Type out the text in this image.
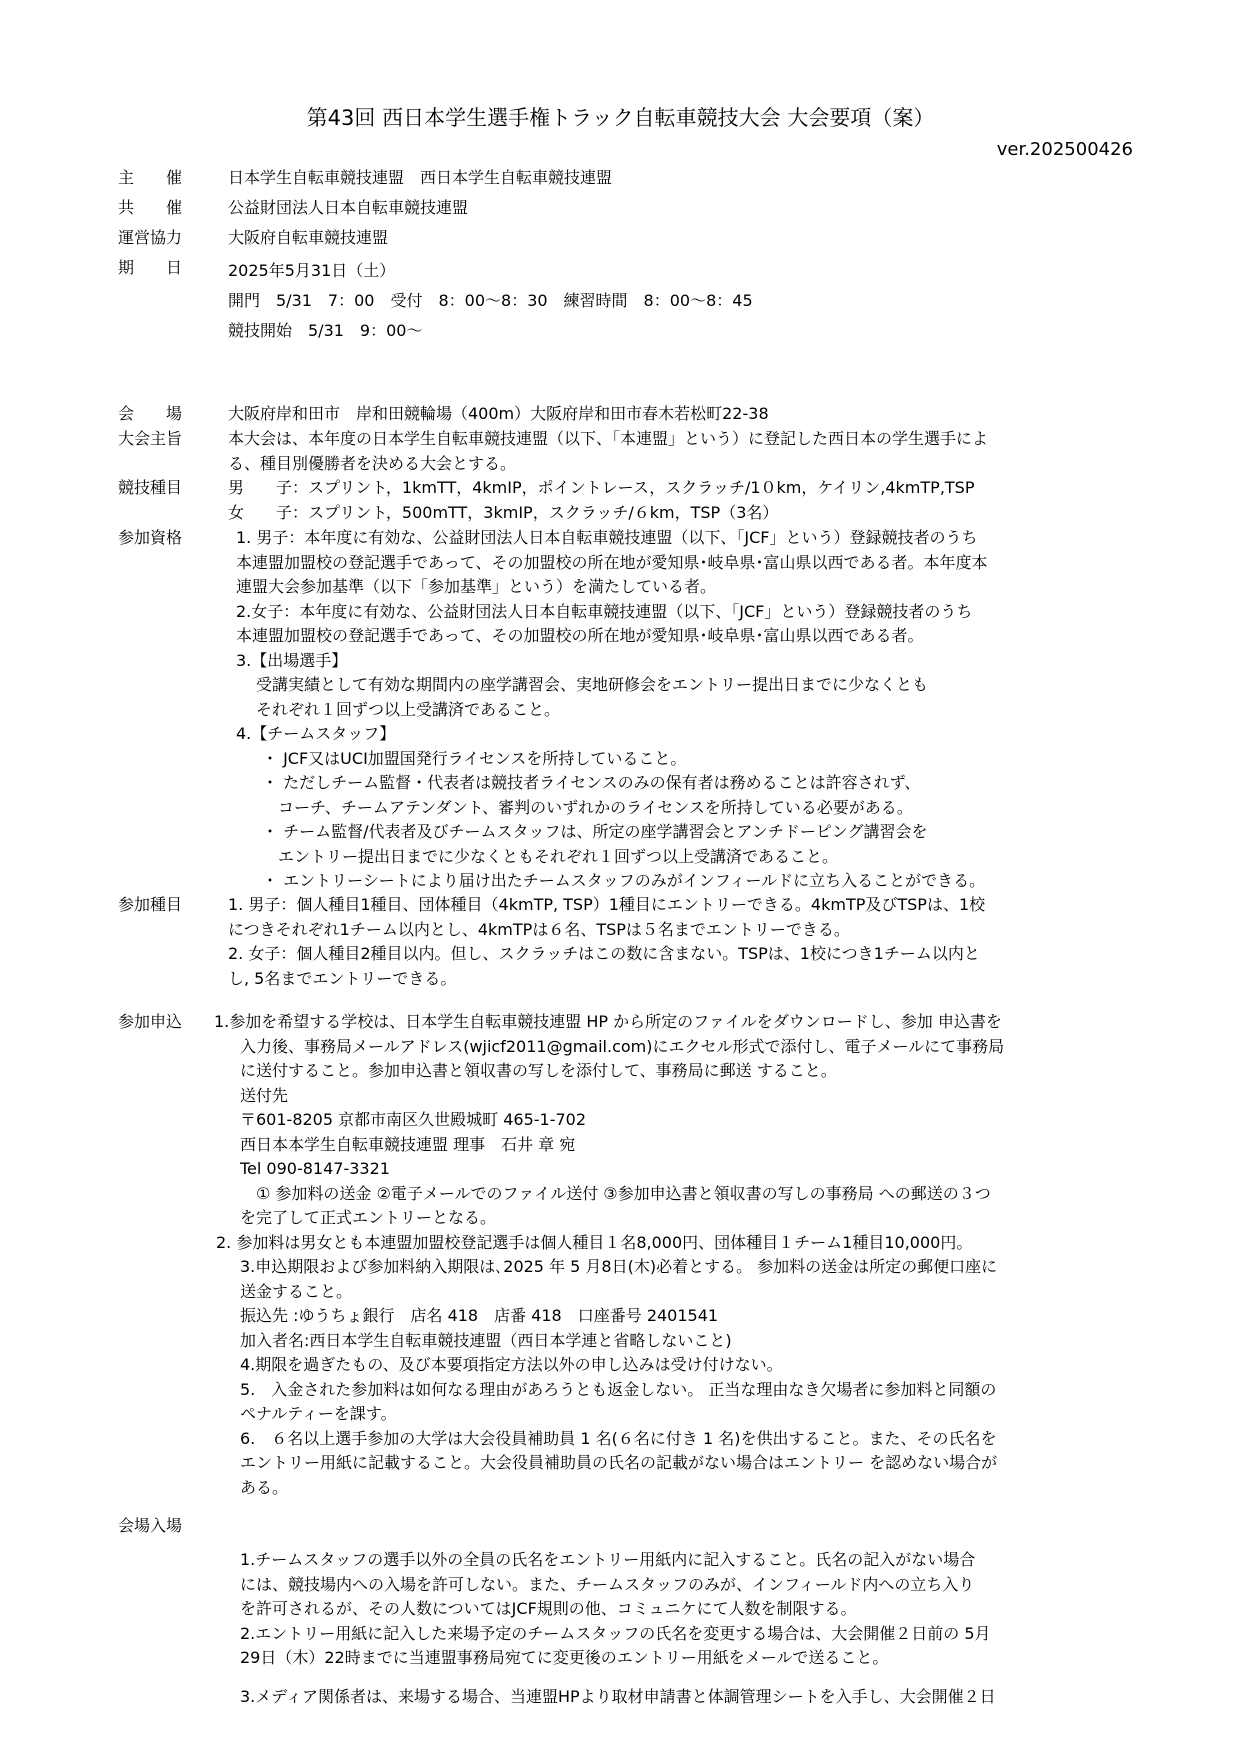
第43回 西日本学生選手権トラック自転車競技大会 大会要項（案）
ver.202500426
主　　催	日本学生自転車競技連盟　西日本学生自転車競技連盟
共　　催	公益財団法人日本自転車競技連盟
運営協力	大阪府自転車競技連盟
期　　日	2025年5月31日（土）
開門　5/31　7：00　受付　8：00～8：30　練習時間　8：00～8：45
競技開始　5/31　9：00～
会　　場	大阪府岸和田市　岸和田競輪場（400m）大阪府岸和田市春木若松町22-38
大会主旨	本大会は、本年度の日本学生自転車競技連盟（以下、「本連盟」という）に登記した西日本の学生選手によ
る、種目別優勝者を決める大会とする。
競技種目	男　　子：スプリント，1kmTT，4kmIP，ポイントレース，スクラッチ/1０km，ケイリン,4kmTP,TSP
女　　子：スプリント，500mTT，3kmIP，スクラッチ/６km，TSP（3名）
参加資格	1. 男子：本年度に有効な、公益財団法人日本自転車競技連盟（以下、「JCF」という）登録競技者のうち
本連盟加盟校の登記選手であって、その加盟校の所在地が愛知県･岐阜県･富山県以西である者。本年度本
連盟大会参加基準（以下「参加基準」という）を満たしている者。
2.女子：本年度に有効な、公益財団法人日本自転車競技連盟（以下、「JCF」という）登録競技者のうち
本連盟加盟校の登記選手であって、その加盟校の所在地が愛知県･岐阜県･富山県以西である者。
3.【出場選手】
受講実績として有効な期間内の座学講習会、実地研修会をエントリー提出日までに少なくとも
それぞれ１回ずつ以上受講済であること。
4.【チームスタッフ】
・ JCF又はUCI加盟国発行ライセンスを所持していること。
・ ただしチーム監督・代表者は競技者ライセンスのみの保有者は務めることは許容されず、
　コーチ、チームアテンダント、審判のいずれかのライセンスを所持している必要がある。
・ チーム監督/代表者及びチームスタッフは、所定の座学講習会とアンチドーピング講習会を
　エントリー提出日までに少なくともそれぞれ１回ずつ以上受講済であること。
・ エントリーシートにより届け出たチームスタッフのみがインフィールドに立ち入ることができる。
参加種目	1. 男子：個人種目1種目、団体種目（4kmTP, TSP）1種目にエントリーできる。4kmTP及びTSPは、1校
につきそれぞれ1チーム以内とし、4kmTPは６名、TSPは５名までエントリーできる。
2. 女子：個人種目2種目以内。但し、スクラッチはこの数に含まない。TSPは、1校につき1チーム以内と
し, 5名までエントリーできる。
参加申込 1.参加を希望する学校は、日本学生自転車競技連盟 HP から所定のファイルをダウンロードし、参加 申込書を
入力後、事務局メールアドレス(wjicf2011@gmail.com)にエクセル形式で添付し、電子メールにて事務局
に送付すること。参加申込書と領収書の写しを添付して、事務局に郵送 すること。
送付先
〒601-8205 京都市南区久世殿城町 465-1-702
西日本本学生自転車競技連盟 理事　石井 章 宛
Tel 090-8147-3321
　① 参加料の送金 ②電子メールでのファイル送付 ③参加申込書と領収書の写しの事務局 への郵送の３つ
を完了して正式エントリーとなる。
2. 参加料は男女とも本連盟加盟校登記選手は個人種目１名8,000円、団体種目１チーム1種目10,000円。
3.申込期限および参加料納入期限は､2025 年 5 月8日(木)必着とする。 参加料の送金は所定の郵便口座に
送金すること。
振込先 :ゆうちょ銀行　店名 418　店番 418　口座番号 2401541
加入者名:西日本学生自転車競技連盟（西日本学連と省略しないこと)
4.期限を過ぎたもの、及び本要項指定方法以外の申し込みは受け付けない。
5.　入金された参加料は如何なる理由があろうとも返金しない。 正当な理由なき欠場者に参加料と同額の
ペナルティーを課す。
6.　６名以上選手参加の大学は大会役員補助員 1 名(６名に付き 1 名)を供出すること。また、その氏名を
エントリー用紙に記載すること。大会役員補助員の氏名の記載がない場合はエントリー を認めない場合が
ある。
会場入場
1.チームスタッフの選手以外の全員の氏名をエントリー用紙内に記入すること。氏名の記入がない場合
には、競技場内への入場を許可しない。また、チームスタッフのみが、インフィールド内への立ち入り
を許可されるが、その人数についてはJCF規則の他、コミュニケにて人数を制限する。
2.エントリー用紙に記入した来場予定のチームスタッフの氏名を変更する場合は、大会開催２日前の 5月
29日（木）22時までに当連盟事務局宛てに変更後のエントリー用紙をメールで送ること。
3.メディア関係者は、来場する場合、当連盟HPより取材申請書と体調管理シートを入手し、大会開催２日
